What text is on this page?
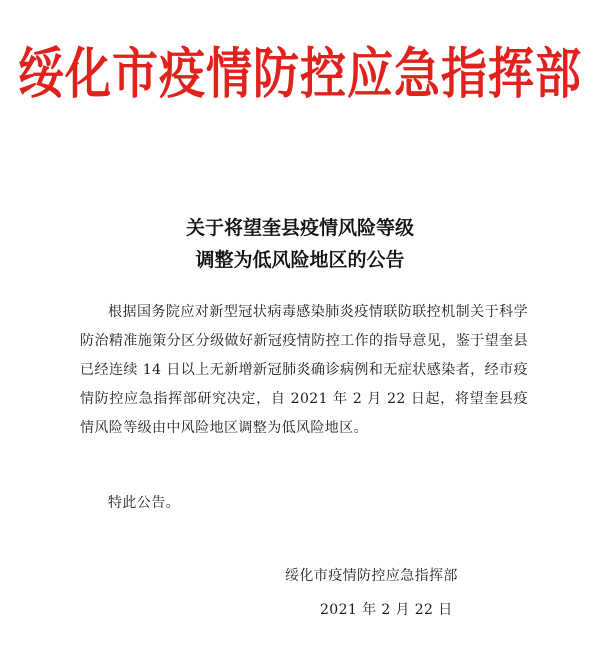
绥化市疫情防控应急指挥部
关于将望奎县疫情风险等级
调整为低风险地区的公告

根据国务院应对新型冠状病毒感染肺炎疫情联防联控机制关于科学防治精准施策分区分级做好新冠疫情防控工作的指导意见，鉴于望奎县已经连续 14 日以上无新增新冠肺炎确诊病例和无症状感染者，经市疫情防控应急指挥部研究决定，自 2021 年 2 月 22 日起，将望奎县疫情风险等级由中风险地区调整为低风险地区。

特此公告。
绥化市疫情防控应急指挥部
2021 年 2 月 22 日
